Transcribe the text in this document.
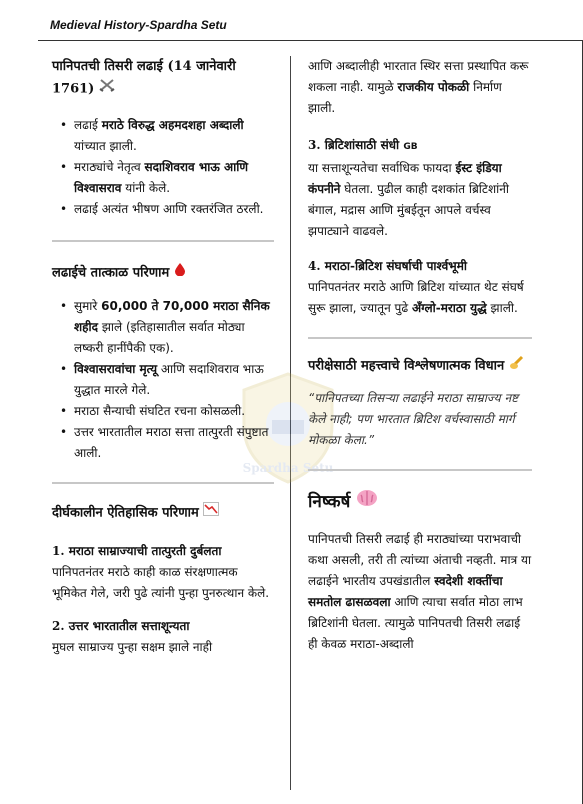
Medieval History-Spardha Setu
Spardha Setu

पानिपतची तिसरी लढाई (14 जानेवारी 1761)

• लढाई मराठे विरुद्ध अहमदशहा अब्दाली यांच्यात झाली.
• मराठ्यांचे नेतृत्व सदाशिवराव भाऊ आणि विश्वासराव यांनी केले.
• लढाई अत्यंत भीषण आणि रक्तरंजित ठरली.

लढाईचे तात्काळ परिणाम

• सुमारे 60,000 ते 70,000 मराठा सैनिक शहीद झाले (इतिहासातील सर्वात मोठ्या लष्करी हानींपैकी एक).
• विश्वासरावांचा मृत्यू आणि सदाशिवराव भाऊ युद्धात मारले गेले.
• मराठा सैन्याची संघटित रचना कोसळली.
• उत्तर भारतातील मराठा सत्ता तात्पुरती संपुष्टात आली.

दीर्घकालीन ऐतिहासिक परिणाम

1. मराठा साम्राज्याची तात्पुरती दुर्बलता

पानिपतनंतर मराठे काही काळ संरक्षणात्मक भूमिकेत गेले, जरी पुढे त्यांनी पुन्हा पुनरुत्थान केले.

2. उत्तर भारतातील सत्ताशून्यता

मुघल साम्राज्य पुन्हा सक्षम झाले नाही

आणि अब्दालीही भारतात स्थिर सत्ता प्रस्थापित करू शकला नाही. यामुळे राजकीय पोकळी निर्माण झाली.

3. ब्रिटिशांसाठी संधी GB

या सत्ताशून्यतेचा सर्वाधिक फायदा ईस्ट इंडिया कंपनीने घेतला. पुढील काही दशकांत ब्रिटिशांनी बंगाल, मद्रास आणि मुंबईतून आपले वर्चस्व झपाट्याने वाढवले.

4. मराठा-ब्रिटिश संघर्षाची पार्श्वभूमी

पानिपतनंतर मराठे आणि ब्रिटिश यांच्यात थेट संघर्ष सुरू झाला, ज्यातून पुढे अँग्लो-मराठा युद्धे झाली.

परीक्षेसाठी महत्त्वाचे विश्लेषणात्मक विधान

“पानिपतच्या तिसऱ्या लढाईने मराठा साम्राज्य नष्ट केले नाही; पण भारतात ब्रिटिश वर्चस्वासाठी मार्ग मोकळा केला.”

निष्कर्ष

पानिपतची तिसरी लढाई ही मराठ्यांच्या पराभवाची कथा असली, तरी ती त्यांच्या अंताची नव्हती. मात्र या लढाईने भारतीय उपखंडातील स्वदेशी शक्तींचा समतोल ढासळवला आणि त्याचा सर्वात मोठा लाभ ब्रिटिशांनी घेतला. त्यामुळे पानिपतची तिसरी लढाई ही केवळ मराठा-अब्दाली
